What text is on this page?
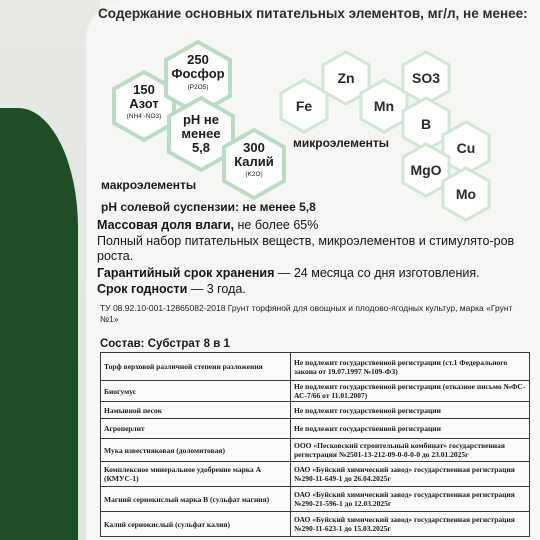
Содержание основных питательных элементов, мг/л, не менее:
150
Азот
(NH4 -NO3)
250
Фосфор
(P2O5)
pH не
менее
5,8	300
Калий
(K2O)
Fe
Zn
Mn
SO3
B
Cu
MgO
Mo
макроэлементы
микроэлементы
pH солевой суспензии: не менее 5,8
Массовая доля влаги, не более 65%
Полный набор питательных веществ, микроэлементов и стимулято-ров роста.
Гарантийный срок хранения — 24 месяца со дня изготовления.
Срок годности — 3 года.
ТУ 08.92.10-001-12865082-2018 Грунт торфяной для овощных и плодово-ягодных культур, марка «Грунт №1»
Состав: Субстрат 8 в 1
Торф верховой различной степени разложения	Не подлежит государственной регистрации (ст.1 Федерального закона от 19.07.1997 №109-ФЗ)
Биогумус	Не подлежит государственной регистрации (отказное письмо №ФС-АС-7/66 от 11.01.2007)
Намывной песок	Не подлежит государственной регистрации
Агроперлит	Не подлежит государственной регистрации
Мука известняковая (доломитовая)	ООО «Песковский строительный комбинат» государственная регистрация №2501-13-212-09-0-0-0-0 до 23.01.2025г
Комплексное минеральное удобрение марка А (КМУС-1)	ОАО «Буйский химический завод» государственная регистрация №290-11-649-1 до 26.04.2025г
Магний сернокислый марка В (сульфат магния)	ОАО «Буйский химический завод» государственная регистрация №290-21-596-1 до 12.03.2025г
Калий сернокислый (сульфат калия)	ОАО «Буйский химический завод» государственная регистрация №290-11-623-1 до 15.03.2025г
